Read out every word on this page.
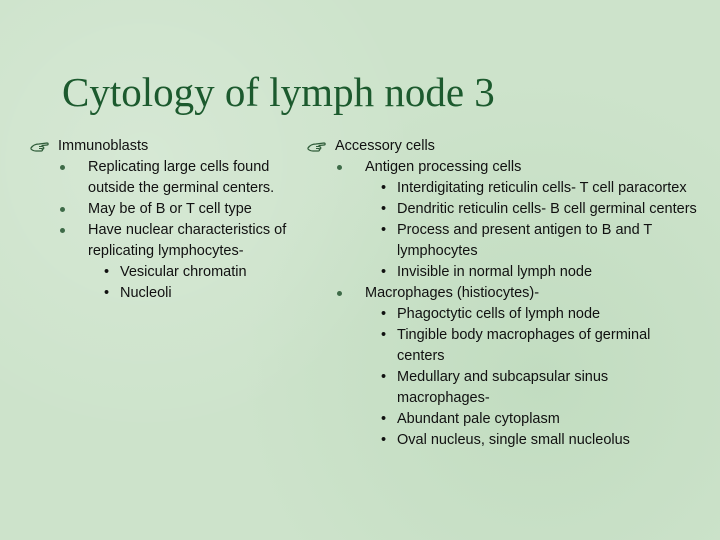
Cytology of lymph node 3
Immunoblasts
Replicating large cells found outside the germinal centers.
May be of B or T cell type
Have nuclear characteristics of replicating lymphocytes-
• Vesicular chromatin
• Nucleoli
Accessory cells
Antigen processing cells
• Interdigitating reticulin cells- T cell paracortex
• Dendritic reticulin cells- B cell germinal centers
• Process and present antigen to B and T lymphocytes
• Invisible in normal lymph node
Macrophages (histiocytes)-
• Phagoctytic cells of lymph node
• Tingible body macrophages of germinal centers
• Medullary and subcapsular sinus macrophages-
• Abundant pale cytoplasm
• Oval nucleus, single small nucleolus
